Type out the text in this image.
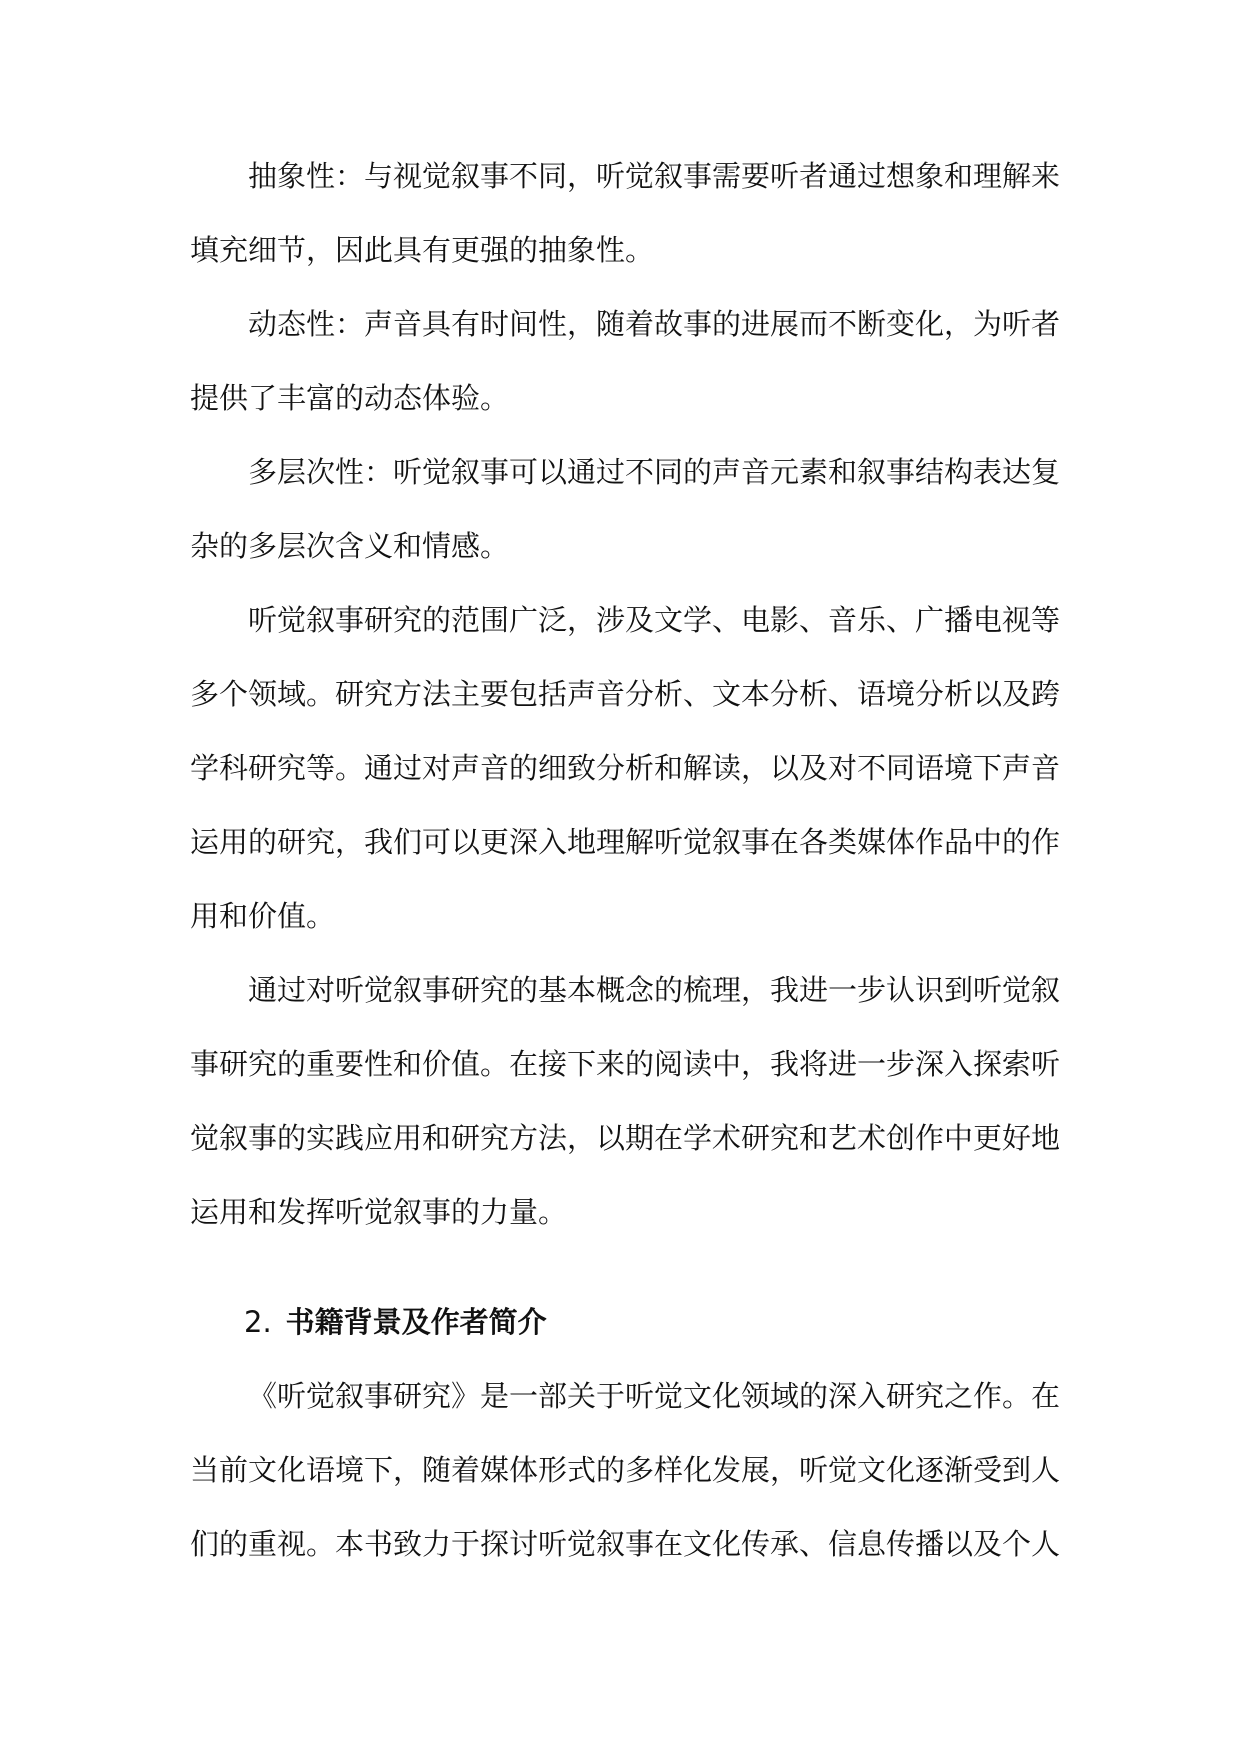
抽象性：与视觉叙事不同，听觉叙事需要听者通过想象和理解来填充细节，因此具有更强的抽象性。

动态性：声音具有时间性，随着故事的进展而不断变化，为听者提供了丰富的动态体验。

多层次性：听觉叙事可以通过不同的声音元素和叙事结构表达复杂的多层次含义和情感。

听觉叙事研究的范围广泛，涉及文学、电影、音乐、广播电视等多个领域。研究方法主要包括声音分析、文本分析、语境分析以及跨学科研究等。通过对声音的细致分析和解读，以及对不同语境下声音运用的研究，我们可以更深入地理解听觉叙事在各类媒体作品中的作用和价值。

通过对听觉叙事研究的基本概念的梳理，我进一步认识到听觉叙事研究的重要性和价值。在接下来的阅读中，我将进一步深入探索听觉叙事的实践应用和研究方法，以期在学术研究和艺术创作中更好地运用和发挥听觉叙事的力量。

2. 书籍背景及作者简介

《听觉叙事研究》是一部关于听觉文化领域的深入研究之作。在当前文化语境下，随着媒体形式的多样化发展，听觉文化逐渐受到人们的重视。本书致力于探讨听觉叙事在文化传承、信息传播以及个人
